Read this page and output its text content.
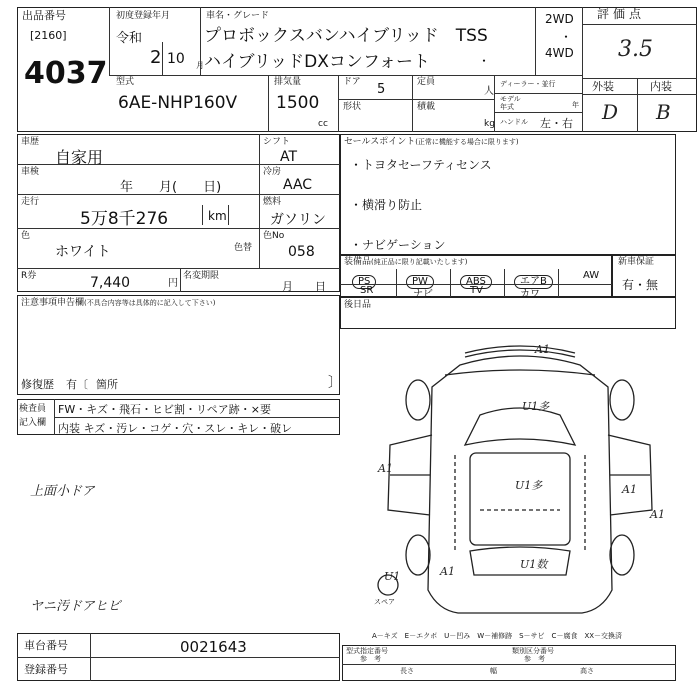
出品番号
[2160]
4037
初度登録年月
令和
2 10 月
車名・グレード
プロボックスバンハイブリッド　TSS
ハイブリッドDXコンフォート	・
2WD
・
4WD
評価点
3.5
外装	内装
D B
型式
6AE-NHP160V
排気量
1500
cc
ドア 5	定員
人
形状	積載
kg
ディーラー・並行
モデル
年式	年
ハンドル 左・右
車歴
自家用
車検
年　　月(　　日)
走行
5万8千276	km
色
ホワイト	色替
シフト
AT
冷房
AAC
燃料
ガソリン
色No
058
R券	7,440	円
名変期限
月　　日
セールスポイント(正常に機能する場合に限ります)
・トヨタセーフティセンス
・横滑り防止
・ナビゲーション
装備品(純正品に限り記載いたします)
PS	PW	ABS	エアB
AW
SR	ナビ	TV	カワ
新車保証
有・無
後日品
注意事項申告欄(不具合内容等は具体的に記入して下さい)
修復歴 有〔 箇所	〕
検査員
記入欄
FW・キズ・飛石・ヒビ割・リペア跡・×要
内装 キズ・汚レ・コゲ・穴・スレ・キレ・破レ
上面小ドア
ヤニ汚ドアヒビ
A1
U1多
A1
U1多	A1
A1
U1	A1
U1数
スペア
A－キズ　E－エクボ　U－凹み　W－補修跡　S－サビ　C－腐食　XX－交換済
車台番号	0021643
登録番号
型式指定番号
参　考
類別区分番号
参　考
長さ	幅	高さ
